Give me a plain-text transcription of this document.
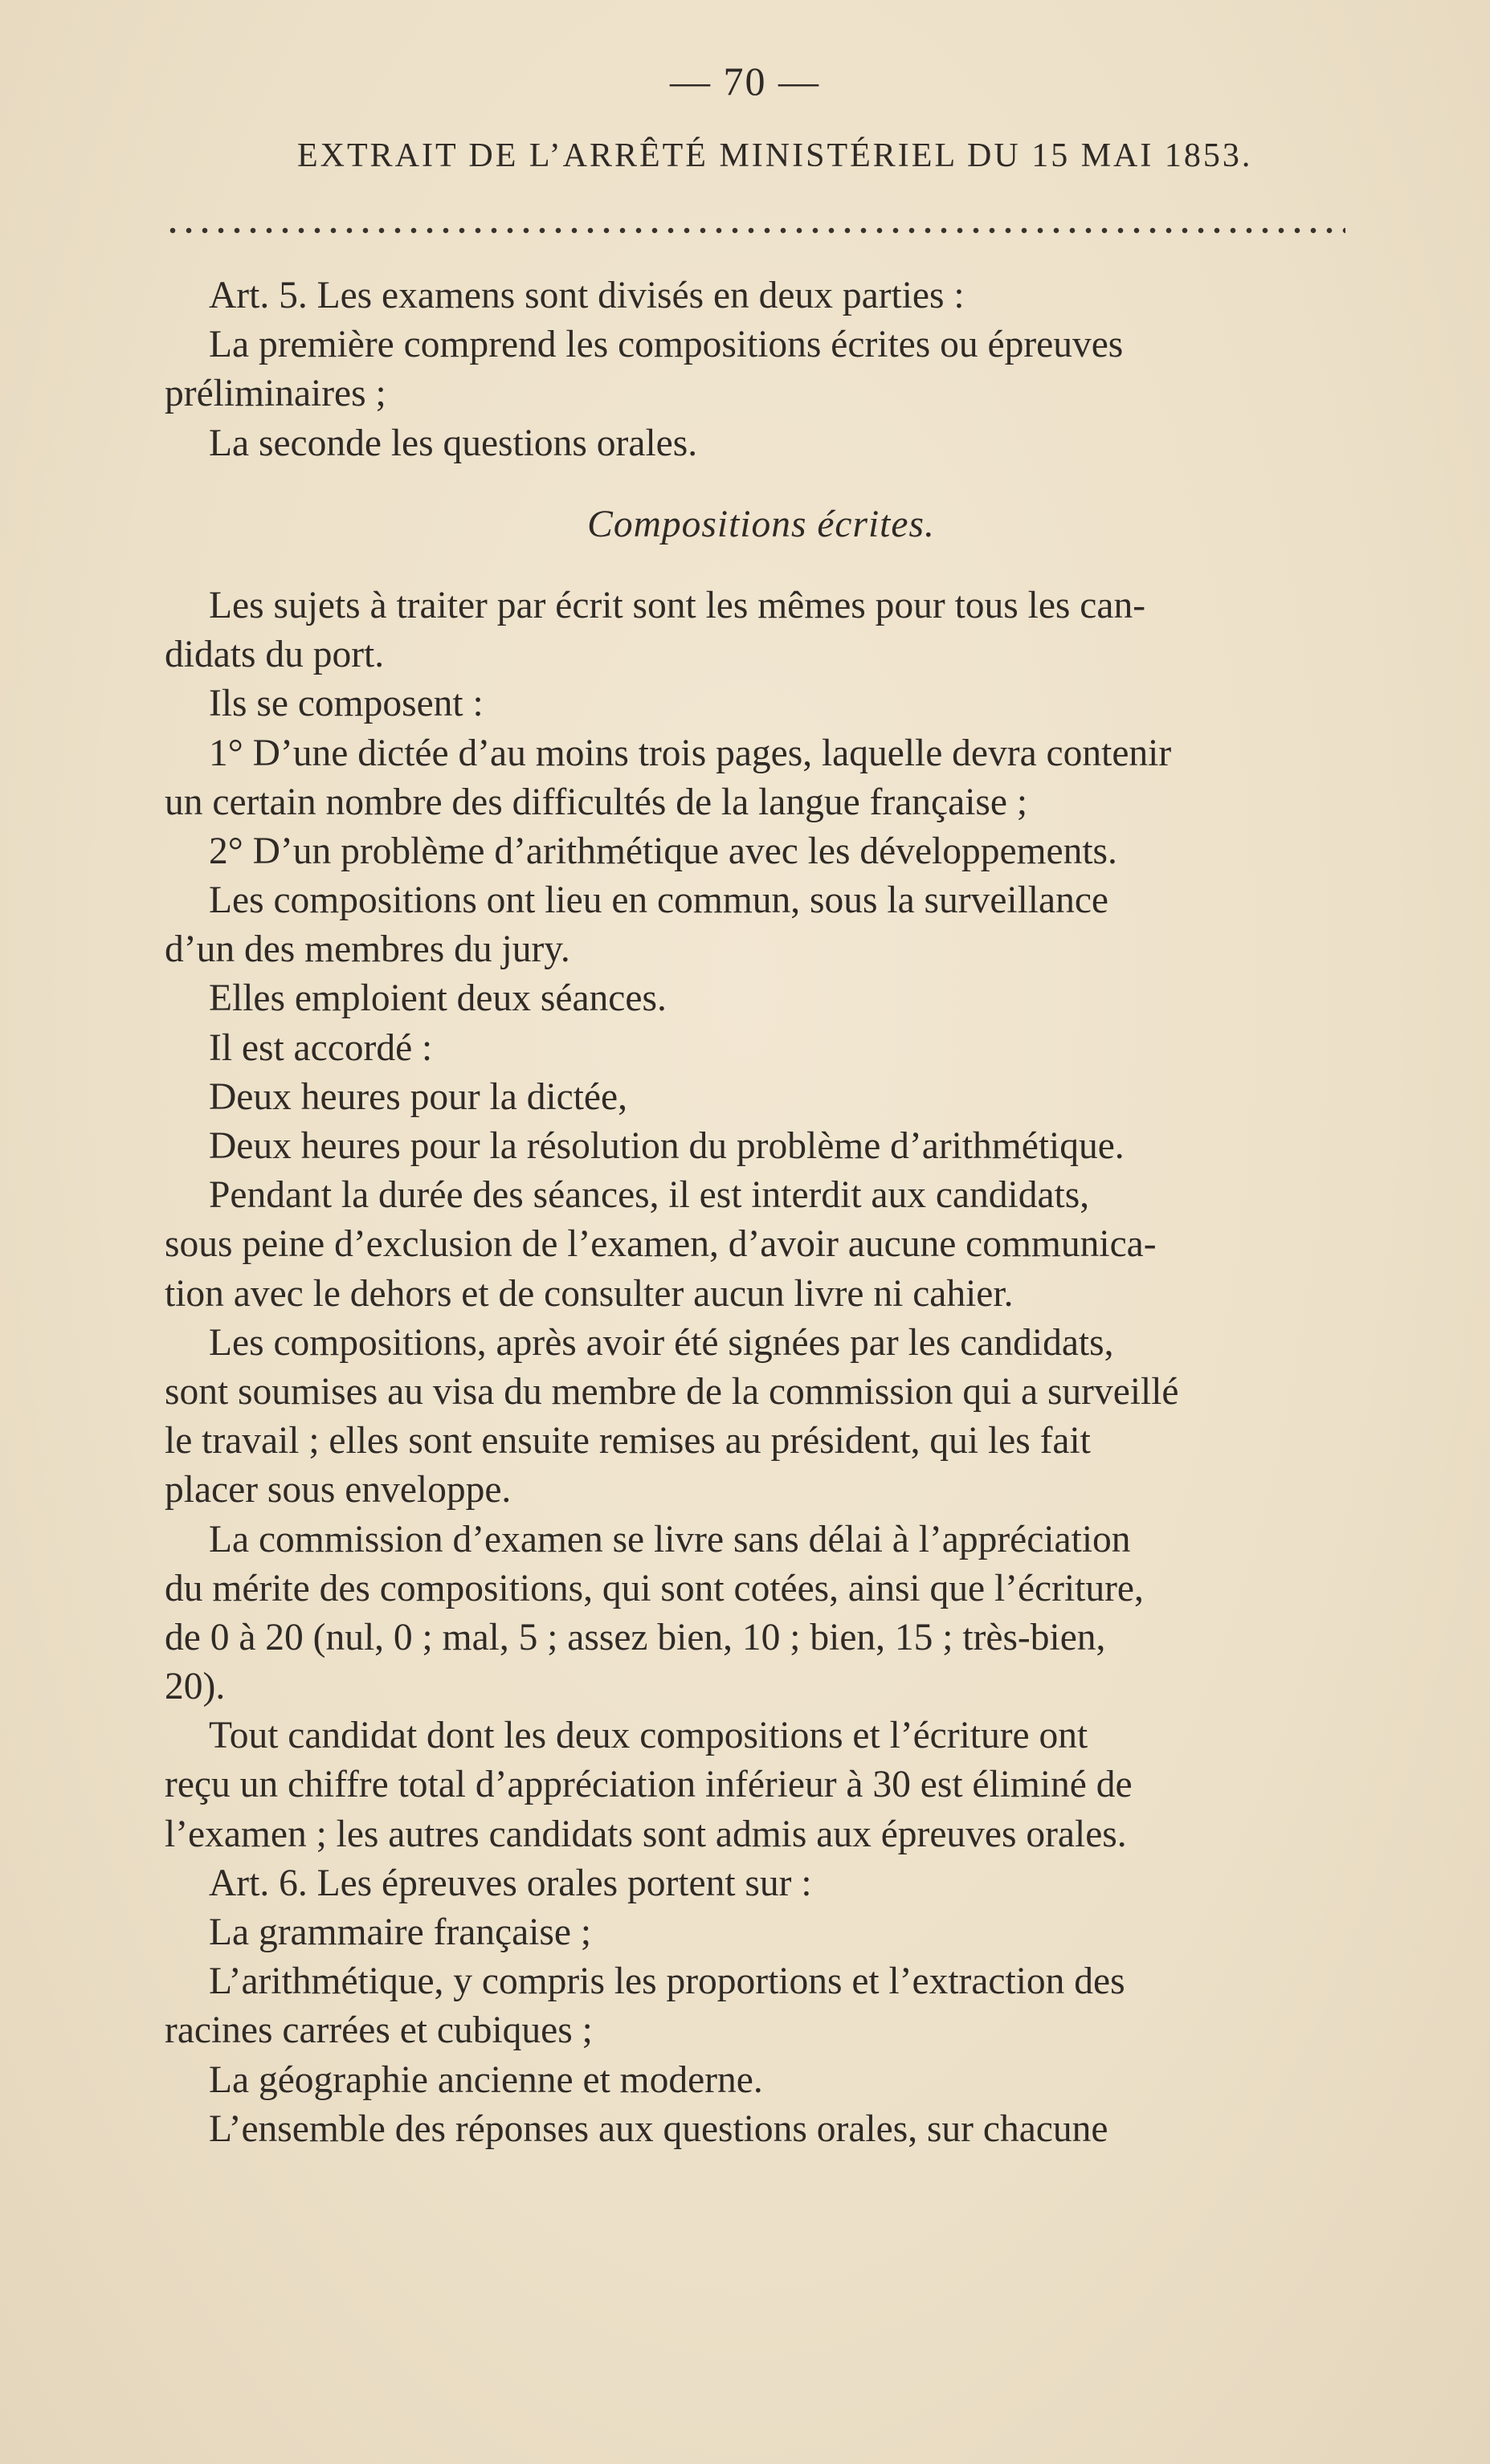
— 70 —
EXTRAIT DE L’ARRÊTÉ MINISTÉRIEL DU 15 MAI 1853.
Art. 5. Les examens sont divisés en deux parties :
La première comprend les compositions écrites ou épreuves
préliminaires ;
La seconde les questions orales.
Compositions écrites.
Les sujets à traiter par écrit sont les mêmes pour tous les can-
didats du port.
Ils se composent :
1° D’une dictée d’au moins trois pages, laquelle devra contenir
un certain nombre des difficultés de la langue française ;
2° D’un problème d’arithmétique avec les développements.
Les compositions ont lieu en commun, sous la surveillance
d’un des membres du jury.
Elles emploient deux séances.
Il est accordé :
Deux heures pour la dictée,
Deux heures pour la résolution du problème d’arithmétique.
Pendant la durée des séances, il est interdit aux candidats,
sous peine d’exclusion de l’examen, d’avoir aucune communica-
tion avec le dehors et de consulter aucun livre ni cahier.
Les compositions, après avoir été signées par les candidats,
sont soumises au visa du membre de la commission qui a surveillé
le travail ; elles sont ensuite remises au président, qui les fait
placer sous enveloppe.
La commission d’examen se livre sans délai à l’appréciation
du mérite des compositions, qui sont cotées, ainsi que l’écriture,
de 0 à 20 (nul, 0 ; mal, 5 ; assez bien, 10 ; bien, 15 ; très-bien,
20).
Tout candidat dont les deux compositions et l’écriture ont
reçu un chiffre total d’appréciation inférieur à 30 est éliminé de
l’examen ; les autres candidats sont admis aux épreuves orales.
Art. 6. Les épreuves orales portent sur :
La grammaire française ;
L’arithmétique, y compris les proportions et l’extraction des
racines carrées et cubiques ;
La géographie ancienne et moderne.
L’ensemble des réponses aux questions orales, sur chacune
